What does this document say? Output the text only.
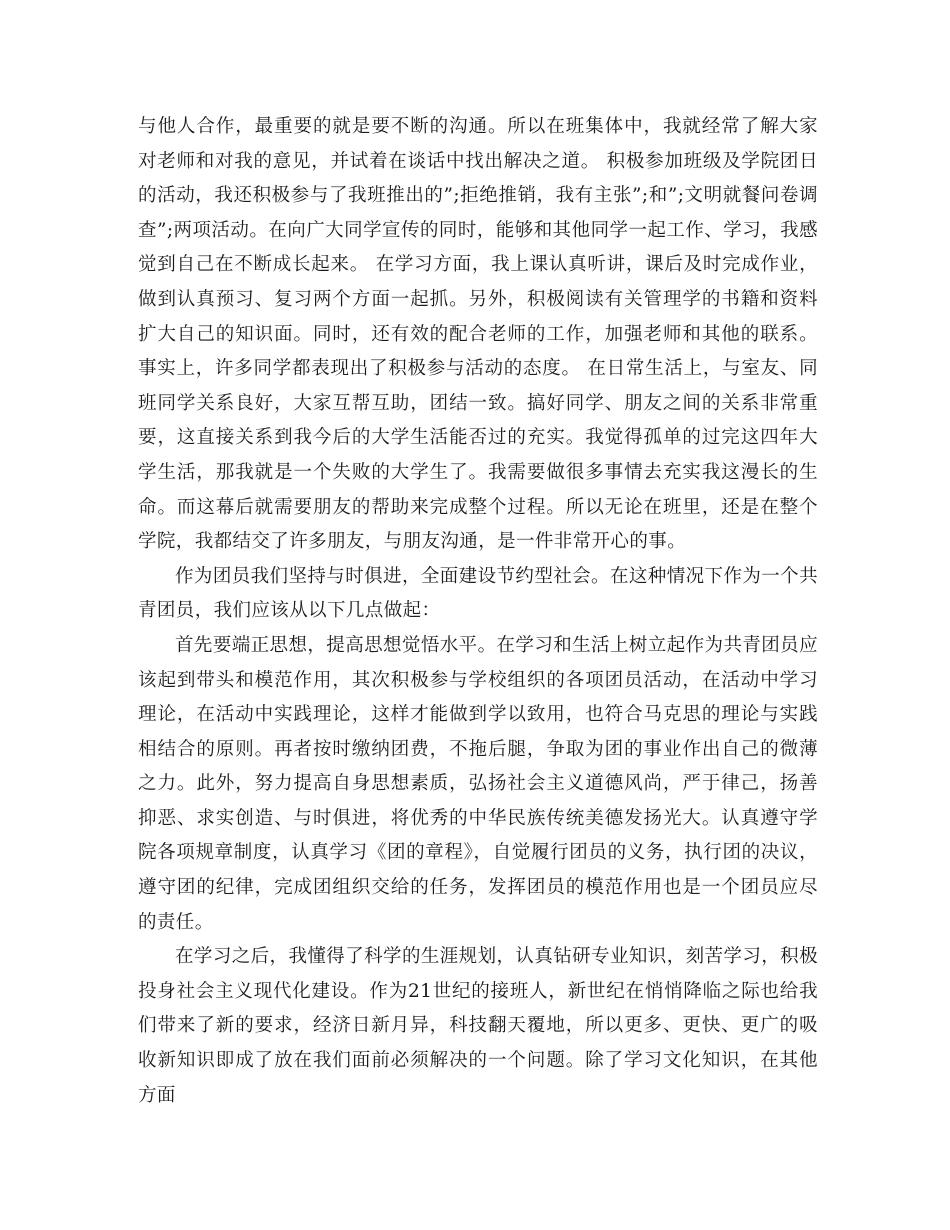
与他人合作，最重要的就是要不断的沟通。所以在班集体中，我就经常了解大家对老师和对我的意见，并试着在谈话中找出解决之道。 积极参加班级及学院团日的活动，我还积极参与了我班推出的”;拒绝推销，我有主张”;和”;文明就餐问卷调查”;两项活动。在向广大同学宣传的同时，能够和其他同学一起工作、学习，我感觉到自己在不断成长起来。 在学习方面，我上课认真听讲，课后及时完成作业，做到认真预习、复习两个方面一起抓。另外，积极阅读有关管理学的书籍和资料扩大自己的知识面。同时，还有效的配合老师的工作，加强老师和其他的联系。事实上，许多同学都表现出了积极参与活动的态度。 在日常生活上，与室友、同班同学关系良好，大家互帮互助，团结一致。搞好同学、朋友之间的关系非常重要，这直接关系到我今后的大学生活能否过的充实。我觉得孤单的过完这四年大学生活，那我就是一个失败的大学生了。我需要做很多事情去充实我这漫长的生命。而这幕后就需要朋友的帮助来完成整个过程。所以无论在班里，还是在整个学院，我都结交了许多朋友，与朋友沟通，是一件非常开心的事。

作为团员我们坚持与时俱进，全面建设节约型社会。在这种情况下作为一个共青团员，我们应该从以下几点做起：

首先要端正思想，提高思想觉悟水平。在学习和生活上树立起作为共青团员应该起到带头和模范作用，其次积极参与学校组织的各项团员活动，在活动中学习理论，在活动中实践理论，这样才能做到学以致用，也符合马克思的理论与实践相结合的原则。再者按时缴纳团费，不拖后腿，争取为团的事业作出自己的微薄之力。此外，努力提高自身思想素质，弘扬社会主义道德风尚，严于律己，扬善抑恶、求实创造、与时俱进，将优秀的中华民族传统美德发扬光大。认真遵守学院各项规章制度，认真学习《团的章程》，自觉履行团员的义务，执行团的决议，遵守团的纪律，完成团组织交给的任务，发挥团员的模范作用也是一个团员应尽的责任。

在学习之后，我懂得了科学的生涯规划，认真钻研专业知识，刻苦学习，积极投身社会主义现代化建设。作为21世纪的接班人，新世纪在悄悄降临之际也给我们带来了新的要求，经济日新月异，科技翻天覆地，所以更多、更快、更广的吸收新知识即成了放在我们面前必须解决的一个问题。除了学习文化知识，在其他方面
